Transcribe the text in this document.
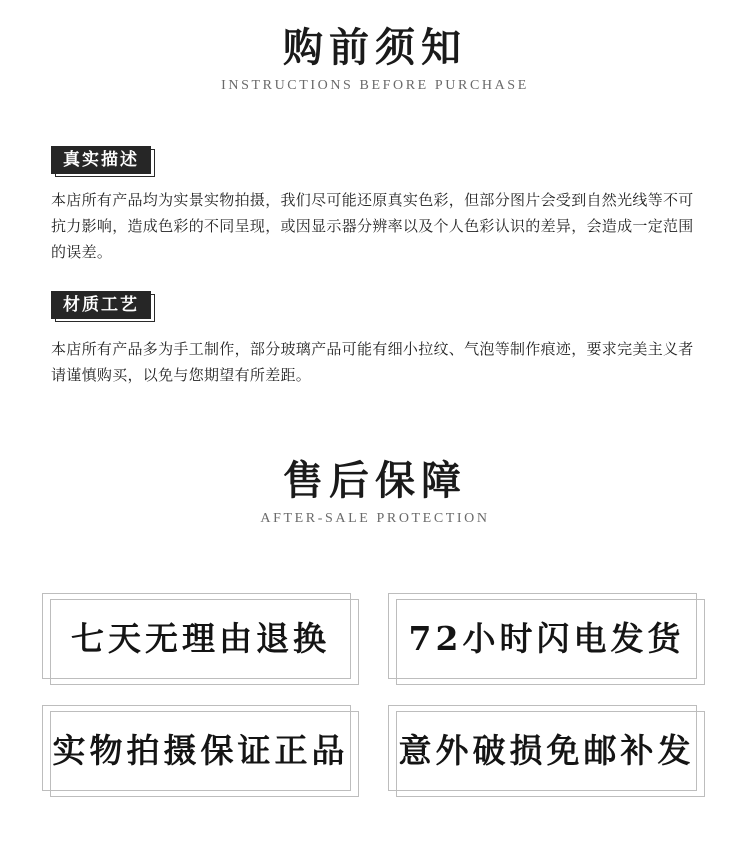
购前须知
INSTRUCTIONS BEFORE PURCHASE
真实描述
本店所有产品均为实景实物拍摄，我们尽可能还原真实色彩，但部分图片会受到自然光线等不可抗力影响，造成色彩的不同呈现，或因显示器分辨率以及个人色彩认识的差异，会造成一定范围的误差。
材质工艺
本店所有产品多为手工制作，部分玻璃产品可能有细小拉纹、气泡等制作痕迹，要求完美主义者请谨慎购买，以免与您期望有所差距。
售后保障
AFTER-SALE PROTECTION
七天无理由退换	72小时闪电发货
实物拍摄保证正品 意外破损免邮补发
